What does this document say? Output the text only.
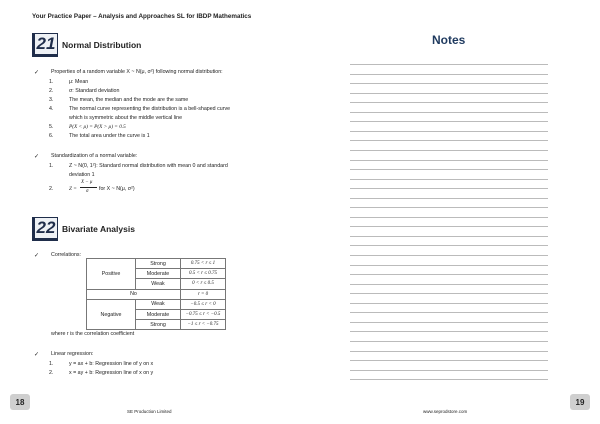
Your Practice Paper – Analysis and Approaches SL for IBDP Mathematics
21 Normal Distribution
✓ Properties of a random variable X ~ N(μ, σ²) following normal distribution:
1.	μ: Mean
2.	σ: Standard deviation
3.	The mean, the median and the mode are the same
4.	The normal curve representing the distribution is a bell-shaped curve
which is symmetric about the middle vertical line
5.	P(X < μ) = P(X > μ) = 0.5
6.	The total area under the curve is 1
✓ Standardization of a normal variable:
1.	Z ~ N(0, 1²): Standard normal distribution with mean 0 and standard
deviation 1
2.	Z =
X − μ
σ for X ~ N(μ, σ²)
22 Bivariate Analysis
✓ Correlations:
Positive	Strong	0.75 < r ≤ 1
	Moderate	0.5 < r ≤ 0.75
	Weak	0 < r ≤ 0.5
No		r = 0
Negative	Weak	−0.5 ≤ r < 0
	Moderate	−0.75 ≤ r < −0.5
	Strong	−1 ≤ r < −0.75
where r is the correlation coefficient
✓ Linear regression:
1.	y = ax + b: Regression line of y on x
2.	x = ay + b: Regression line of x on y
18
SE Production Limited
Notes
19
www.seprodstore.com
